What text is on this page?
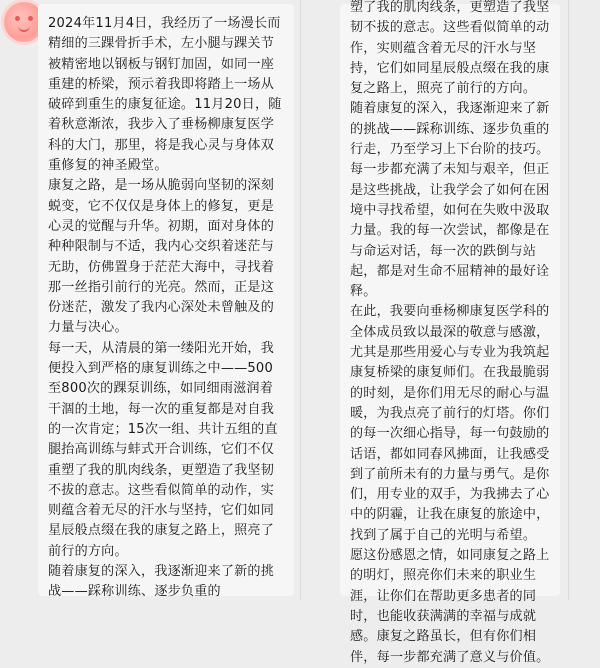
2024年11月4日，我经历了一场漫长而精细的三踝骨折手术，左小腿与踝关节被精密地以钢板与钢钉加固，如同一座重建的桥梁，预示着我即将踏上一场从破碎到重生的康复征途。11月20日，随着秋意渐浓，我步入了垂杨柳康复医学科的大门，那里，将是我心灵与身体双重修复的神圣殿堂。
康复之路，是一场从脆弱向坚韧的深刻蜕变，它不仅仅是身体上的修复，更是心灵的觉醒与升华。初期，面对身体的种种限制与不适，我内心交织着迷茫与无助，仿佛置身于茫茫大海中，寻找着那一丝指引前行的光亮。然而，正是这份迷茫，激发了我内心深处未曾触及的力量与决心。
每一天，从清晨的第一缕阳光开始，我便投入到严格的康复训练之中——500至800次的踝泵训练，如同细雨滋润着干涸的土地，每一次的重复都是对自我的一次肯定；15次一组、共计五组的直腿抬高训练与蚌式开合训练，它们不仅重塑了我的肌肉线条，更塑造了我坚韧不拔的意志。这些看似简单的动作，实则蕴含着无尽的汗水与坚持，它们如同星辰般点缀在我的康复之路上，照亮了前行的方向。
随着康复的深入，我逐渐迎来了新的挑战——踩称训练、逐步负重的

塑了我的肌肉线条，更塑造了我坚韧不拔的意志。这些看似简单的动作，实则蕴含着无尽的汗水与坚持，它们如同星辰般点缀在我的康复之路上，照亮了前行的方向。
随着康复的深入，我逐渐迎来了新的挑战——踩称训练、逐步负重的行走，乃至学习上下台阶的技巧。每一步都充满了未知与艰辛，但正是这些挑战，让我学会了如何在困境中寻找希望，如何在失败中汲取力量。我的每一次尝试，都像是在与命运对话，每一次的跌倒与站起，都是对生命不屈精神的最好诠释。
在此，我要向垂杨柳康复医学科的全体成员致以最深的敬意与感激，尤其是那些用爱心与专业为我筑起康复桥梁的康复师们。在我最脆弱的时刻，是你们用无尽的耐心与温暖，为我点亮了前行的灯塔。你们的每一次细心指导，每一句鼓励的话语，都如同春风拂面，让我感受到了前所未有的力量与勇气。是你们，用专业的双手，为我拂去了心中的阴霾，让我在康复的旅途中，找到了属于自己的光明与希望。
愿这份感恩之情，如同康复之路上的明灯，照亮你们未来的职业生涯，让你们在帮助更多患者的同时，也能收获满满的幸福与成就感。康复之路虽长，但有你们相伴，每一步都充满了意义与价值。
